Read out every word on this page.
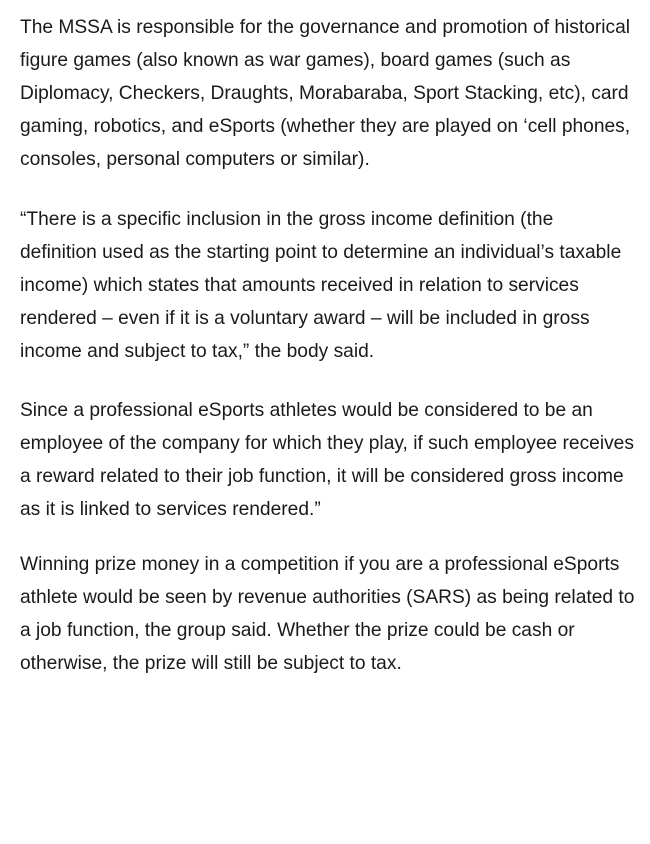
The MSSA is responsible for the governance and promotion of historical figure games (also known as war games), board games (such as Diplomacy, Checkers, Draughts, Morabaraba, Sport Stacking, etc), card gaming, robotics, and eSports (whether they are played on ‘cell phones, consoles, personal computers or similar).

“There is a specific inclusion in the gross income definition (the definition used as the starting point to determine an individual’s taxable income) which states that amounts received in relation to services rendered – even if it is a voluntary award – will be included in gross income and subject to tax,” the body said.

Since a professional eSports athletes would be considered to be an employee of the company for which they play, if such employee receives a reward related to their job function, it will be considered gross income as it is linked to services rendered.”

Winning prize money in a competition if you are a professional eSports athlete would be seen by revenue authorities (SARS) as being related to a job function, the group said. Whether the prize could be cash or otherwise, the prize will still be subject to tax.
